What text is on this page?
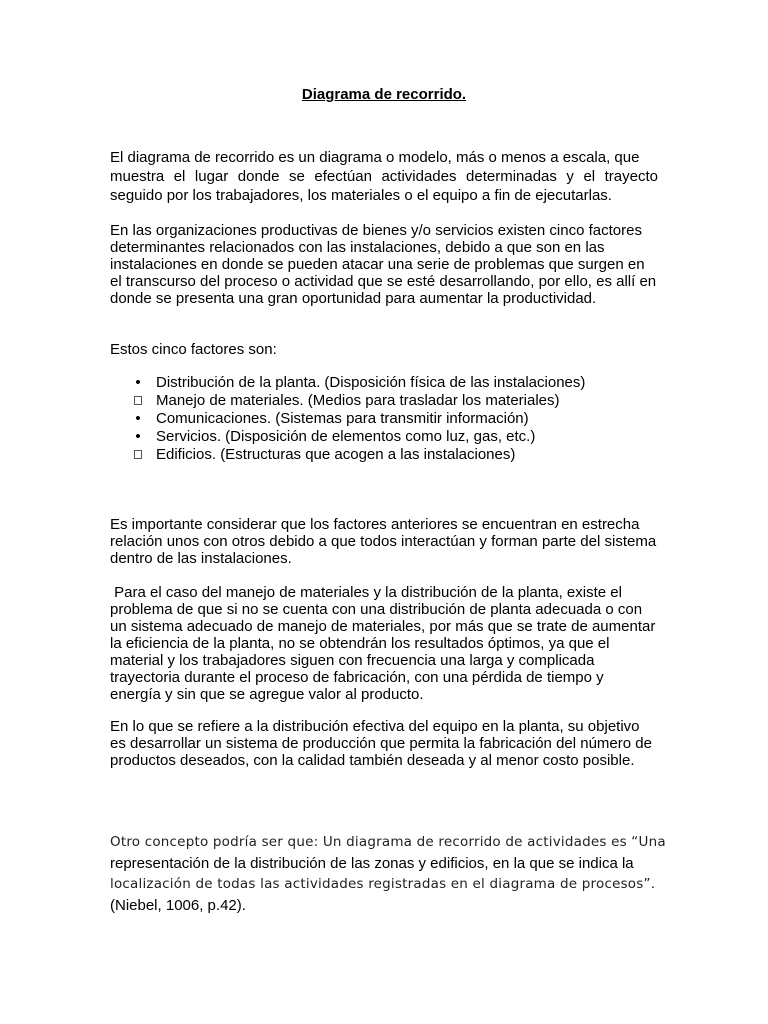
Diagrama de recorrido.
El diagrama de recorrido es un diagrama o modelo, más o menos a escala, que
muestra el lugar donde se efectúan actividades determinadas y el trayecto seguido por los trabajadores, los materiales o el equipo a fin de ejecutarlas.
En las organizaciones productivas de bienes y/o servicios existen cinco factores determinantes relacionados con las instalaciones, debido a que son en las instalaciones en donde se pueden atacar una serie de problemas que surgen en el transcurso del proceso o actividad que se esté desarrollando, por ello, es allí en donde se presenta una gran oportunidad para aumentar la productividad.
Estos cinco factores son:
• Distribución de la planta. (Disposición física de las instalaciones)
Manejo de materiales. (Medios para trasladar los materiales)
• Comunicaciones. (Sistemas para transmitir información)
• Servicios. (Disposición de elementos como luz, gas, etc.)
Edificios. (Estructuras que acogen a las instalaciones)
Es importante considerar que los factores anteriores se encuentran en estrecha relación unos con otros debido a que todos interactúan y forman parte del sistema dentro de las instalaciones.
Para el caso del manejo de materiales y la distribución de la planta, existe el problema de que si no se cuenta con una distribución de planta adecuada o con un sistema adecuado de manejo de materiales, por más que se trate de aumentar la eficiencia de la planta, no se obtendrán los resultados óptimos, ya que el material y los trabajadores siguen con frecuencia una larga y complicada trayectoria durante el proceso de fabricación, con una pérdida de tiempo y energía y sin que se agregue valor al producto.
En lo que se refiere a la distribución efectiva del equipo en la planta, su objetivo es desarrollar un sistema de producción que permita la fabricación del número de productos deseados, con la calidad también deseada y al menor costo posible.
Otro concepto podría ser que: Un diagrama de recorrido de actividades es “Una
representación de la distribución de las zonas y edificios, en la que se indica la
localización de todas las actividades registradas en el diagrama de procesos”.
(Niebel, 1006, p.42).
